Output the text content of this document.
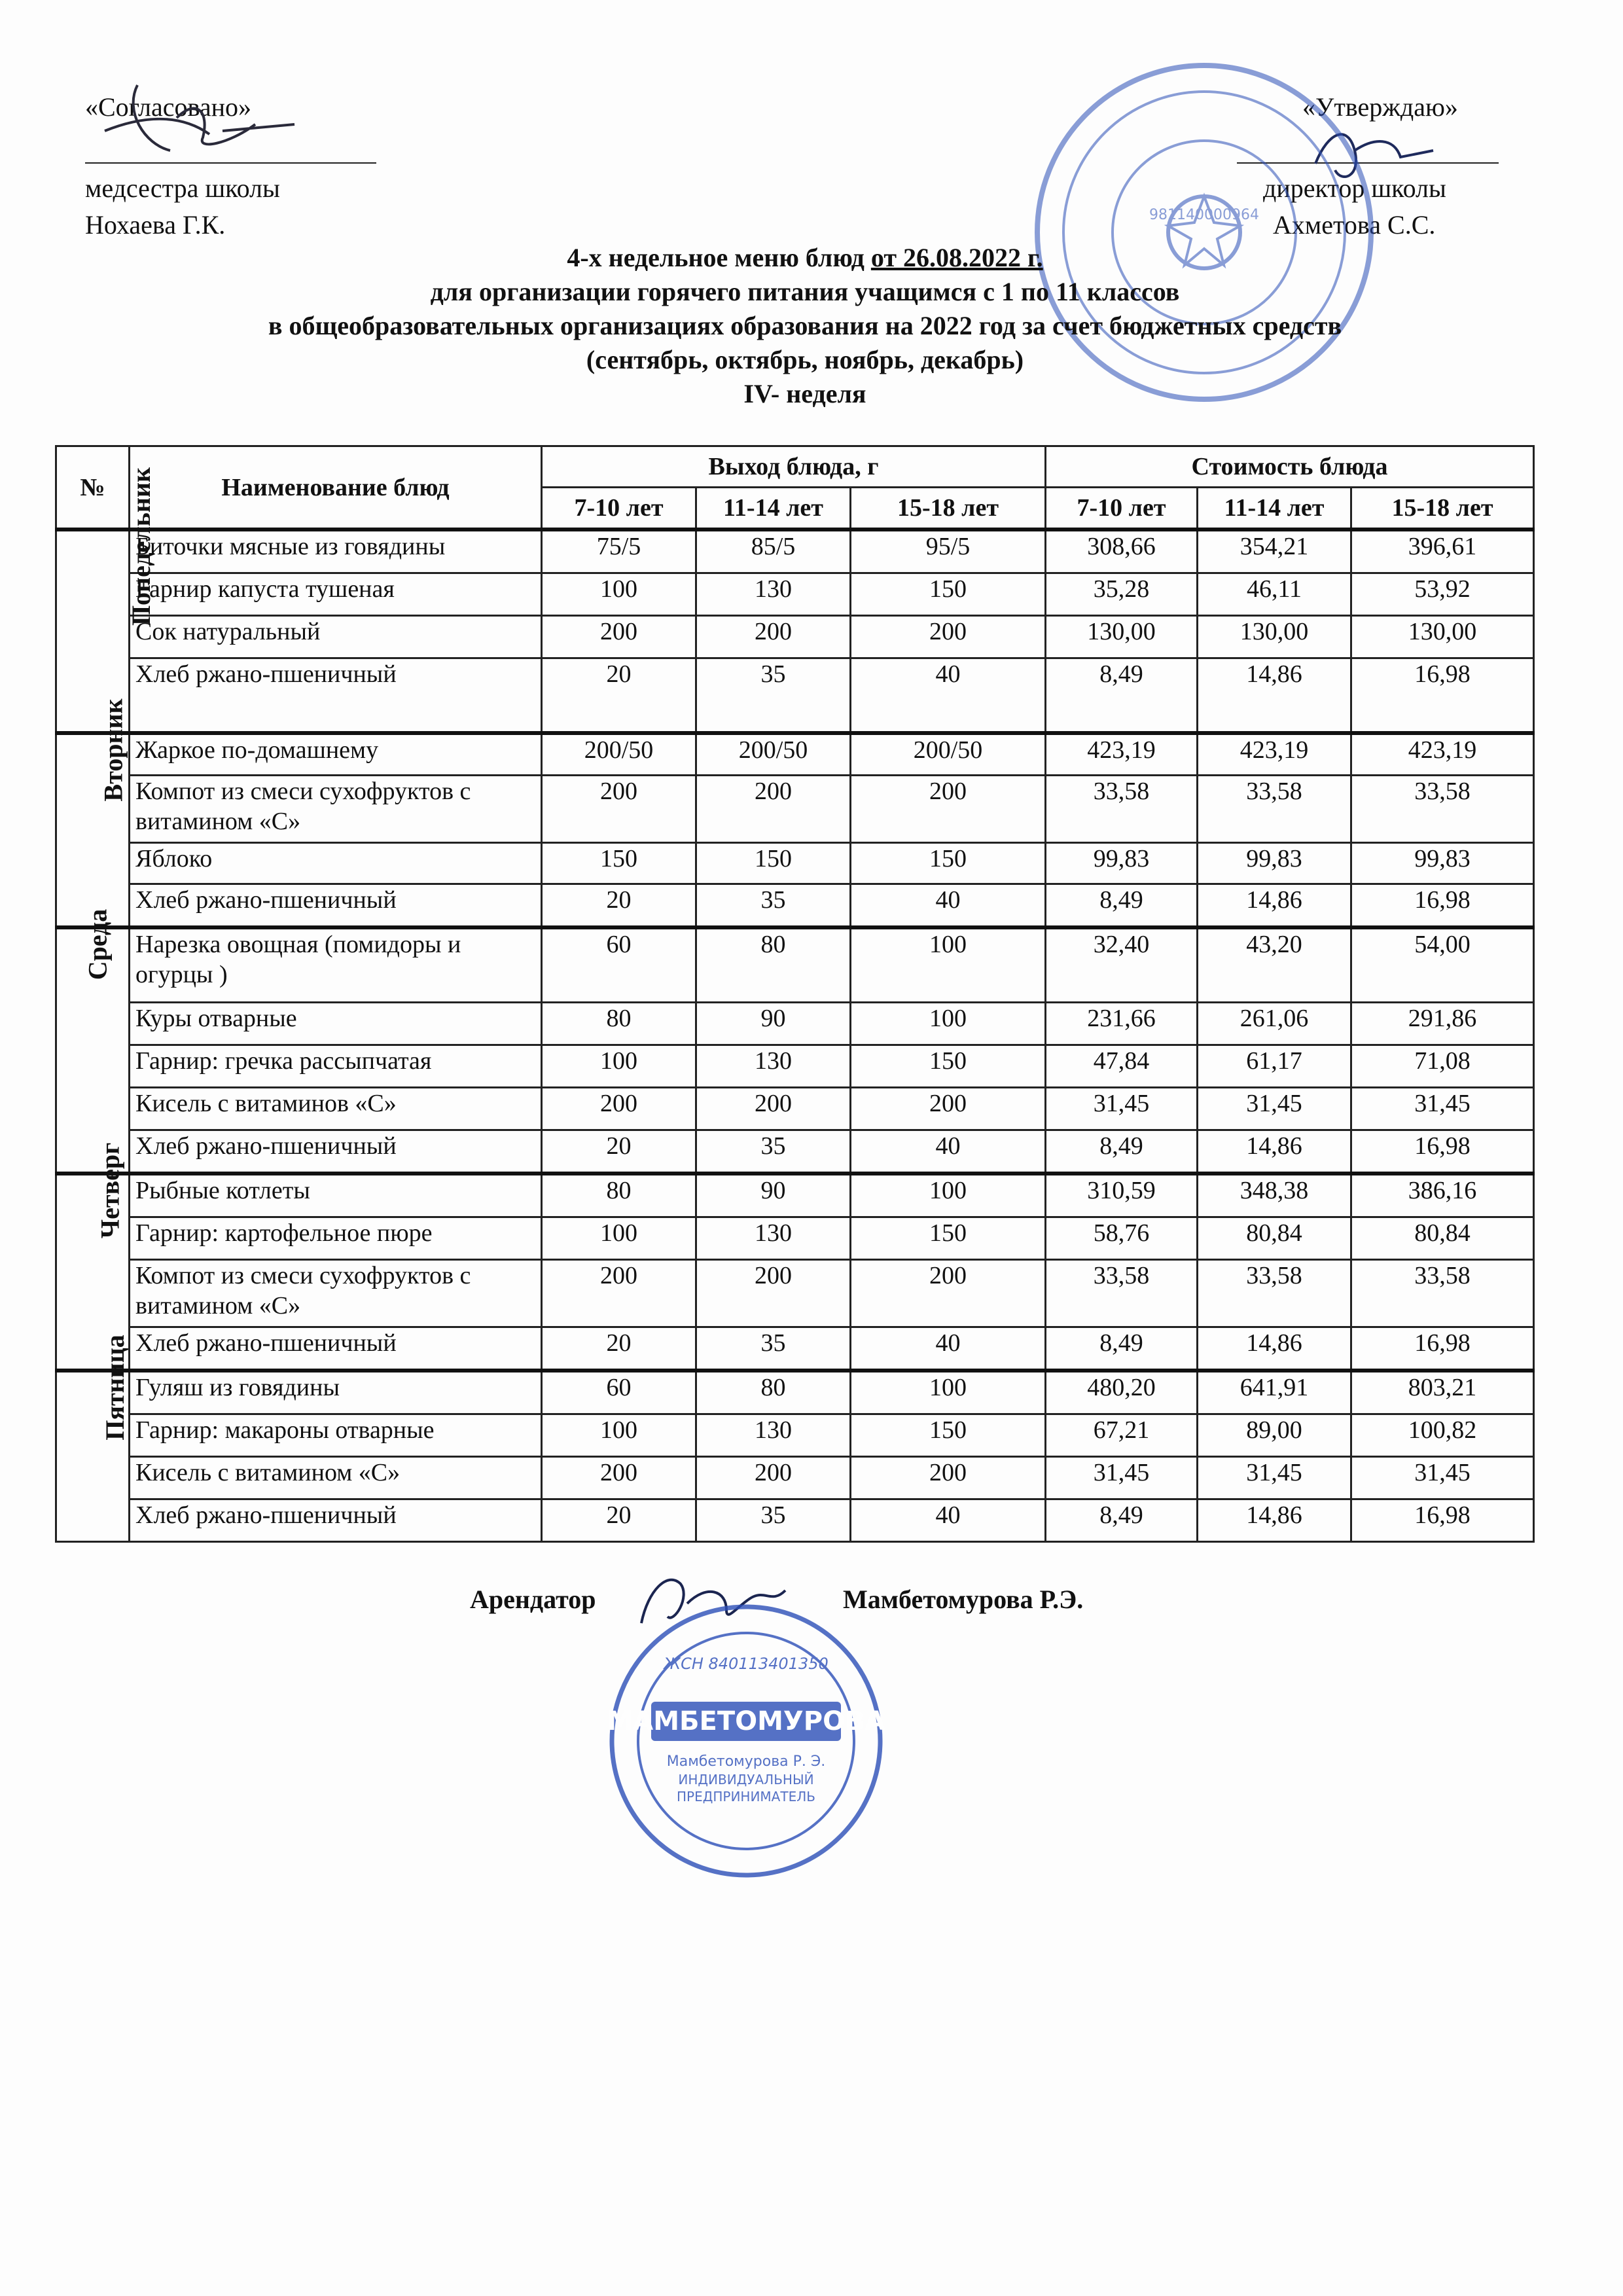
«Согласовано»
медсестра школы
Нохаева Г.К.
«Утверждаю»
директор школы
Ахметова С.С.
981140000964
4-х недельное меню блюд от 26.08.2022 г.
для организации горячего питания учащимся с 1 по 11 классов
в общеобразовательных организациях образования на 2022 год за счет бюджетных средств
(сентябрь, октябрь, ноябрь, декабрь)
IV- неделя
№	Наименование блюд	Выход блюда, г			Стоимость блюда		
		7-10 лет	11-14 лет	15-18 лет	7-10 лет	11-14 лет	15-18 лет
Понедельник	Биточки мясные из говядины	75/5	85/5	95/5	308,66	354,21	396,61
	Гарнир капуста тушеная	100	130	150	35,28	46,11	53,92
	Сок натуральный	200	200	200	130,00	130,00	130,00
	Хлеб ржано-пшеничный	20	35	40	8,49	14,86	16,98
Вторник	Жаркое по-домашнему	200/50	200/50	200/50	423,19	423,19	423,19
	Компот из смеси сухофруктов с витамином «С»	200	200	200	33,58	33,58	33,58
	Яблоко	150	150	150	99,83	99,83	99,83
	Хлеб ржано-пшеничный	20	35	40	8,49	14,86	16,98
Среда	Нарезка овощная (помидоры и огурцы )	60	80	100	32,40	43,20	54,00
	Куры отварные	80	90	100	231,66	261,06	291,86
	Гарнир: гречка рассыпчатая	100	130	150	47,84	61,17	71,08
	Кисель с витаминов «С»	200	200	200	31,45	31,45	31,45
	Хлеб ржано-пшеничный	20	35	40	8,49	14,86	16,98
Четверг	Рыбные котлеты	80	90	100	310,59	348,38	386,16
	Гарнир: картофельное пюре	100	130	150	58,76	80,84	80,84
	Компот из смеси сухофруктов с витамином «С»	200	200	200	33,58	33,58	33,58
	Хлеб ржано-пшеничный	20	35	40	8,49	14,86	16,98
Пятница	Гуляш из говядины	60	80	100	480,20	641,91	803,21
	Гарнир: макароны отварные	100	130	150	67,21	89,00	100,82
	Кисель с витамином «С»	200	200	200	31,45	31,45	31,45
	Хлеб ржано-пшеничный	20	35	40	8,49	14,86	16,98
Арендатор	Мамбетомурова Р.Э.
ЖСН 840113401350
МАМБЕТОМУРОВА
Мамбетомурова Р. Э.
ИНДИВИДУАЛЬНЫЙ
ПРЕДПРИНИМАТЕЛЬ
